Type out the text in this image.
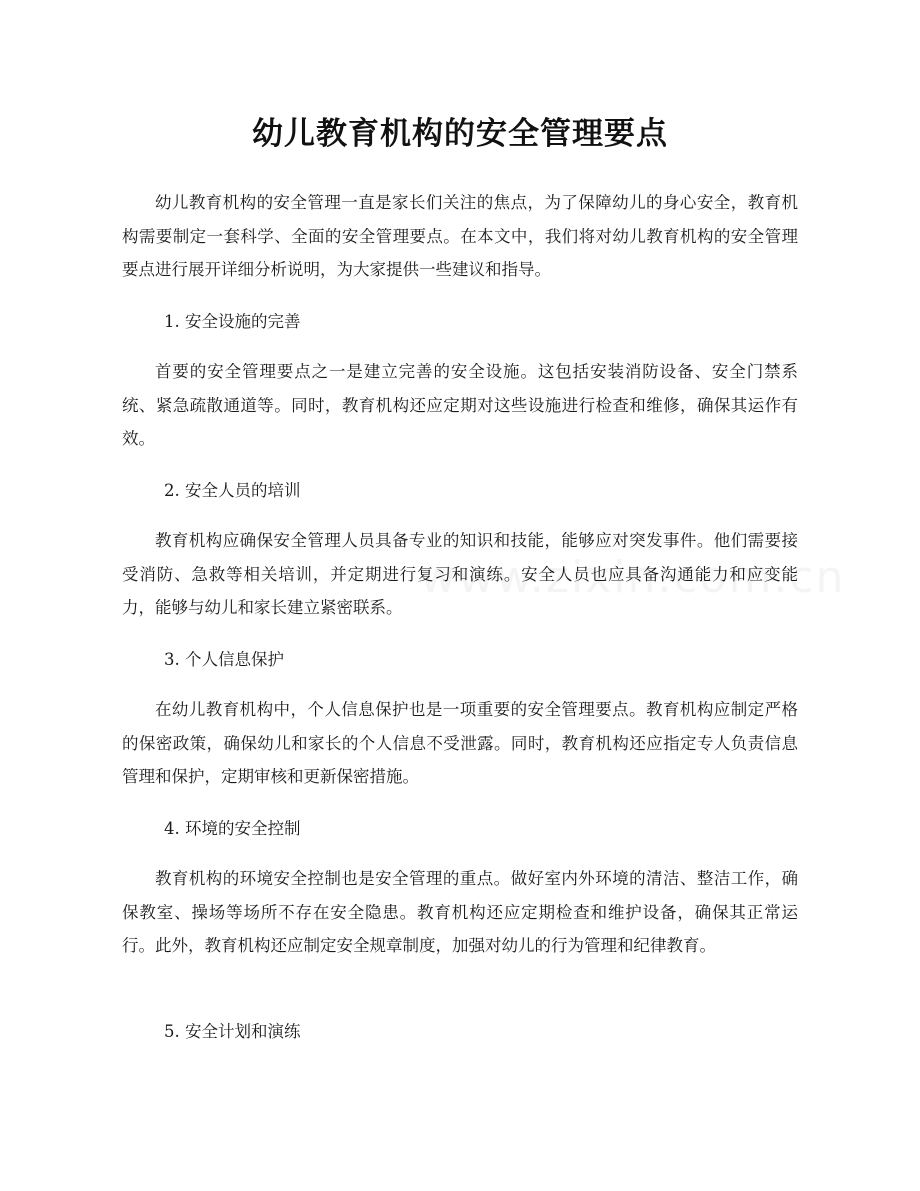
幼儿教育机构的安全管理要点

幼儿教育机构的安全管理一直是家长们关注的焦点，为了保障幼儿的身心安全，教育机构需要制定一套科学、全面的安全管理要点。在本文中，我们将对幼儿教育机构的安全管理要点进行展开详细分析说明，为大家提供一些建议和指导。

1. 安全设施的完善

首要的安全管理要点之一是建立完善的安全设施。这包括安装消防设备、安全门禁系统、紧急疏散通道等。同时，教育机构还应定期对这些设施进行检查和维修，确保其运作有效。

2. 安全人员的培训

教育机构应确保安全管理人员具备专业的知识和技能，能够应对突发事件。他们需要接受消防、急救等相关培训，并定期进行复习和演练。安全人员也应具备沟通能力和应变能力，能够与幼儿和家长建立紧密联系。

3. 个人信息保护

在幼儿教育机构中，个人信息保护也是一项重要的安全管理要点。教育机构应制定严格的保密政策，确保幼儿和家长的个人信息不受泄露。同时，教育机构还应指定专人负责信息管理和保护，定期审核和更新保密措施。

4. 环境的安全控制

教育机构的环境安全控制也是安全管理的重点。做好室内外环境的清洁、整洁工作，确保教室、操场等场所不存在安全隐患。教育机构还应定期检查和维护设备，确保其正常运行。此外，教育机构还应制定安全规章制度，加强对幼儿的行为管理和纪律教育。

5. 安全计划和演练
